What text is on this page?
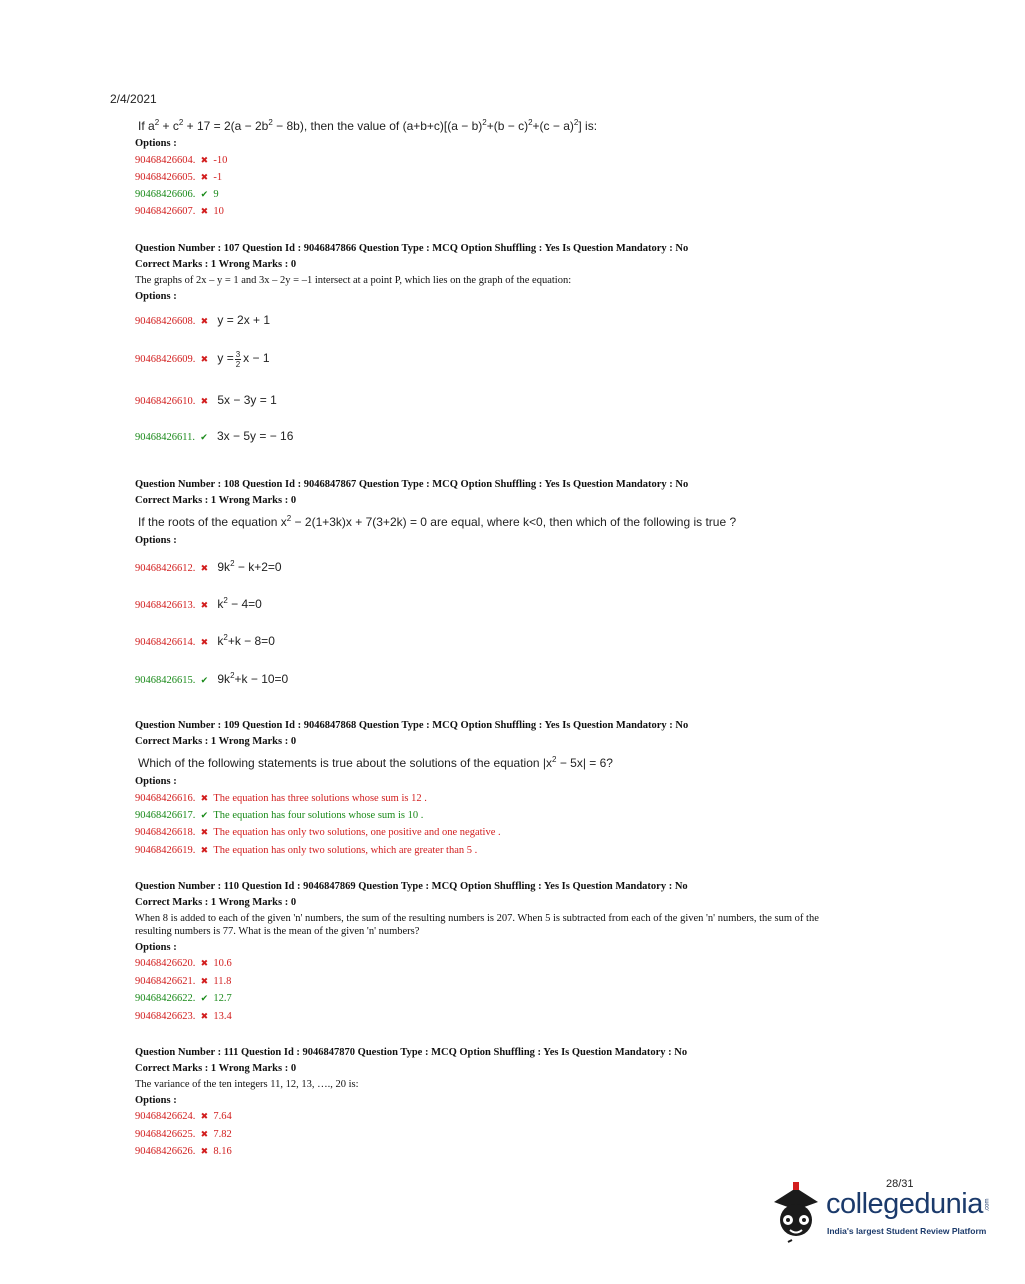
2/4/2021
If $a^2 + c^2 + 17 = 2(a - 2b^2 - 8b)$, then the value of $(a+b+c)[(a - b)^2+(b - c)^2+(c - a)^2]$ is:
Options :
90468426604. ✖ -10
90468426605. ✖ -1
90468426606. ✔ 9
90468426607. ✖ 10
Question Number : 107 Question Id : 9046847866 Question Type : MCQ Option Shuffling : Yes Is Question Mandatory : No
Correct Marks : 1 Wrong Marks : 0
The graphs of 2x – y = 1 and 3x – 2y = –1 intersect at a point P, which lies on the graph of the equation:
Options :
90468426608. ✖ y = 2x + 1
90468426609. ✖ $y = \frac{3}{2}$ x − 1
90468426610. ✖ 5x − 3y = 1
90468426611. ✔ 3x − 5y = − 16
Question Number : 108 Question Id : 9046847867 Question Type : MCQ Option Shuffling : Yes Is Question Mandatory : No
Correct Marks : 1 Wrong Marks : 0
If the roots of the equation $x^2 - 2(1+3k)x + 7(3+2k) = 0$ are equal, where k<0, then which of the following is true ?
Options :
90468426612. ✖ $9k^2 - k+2=0$
90468426613. ✖ $k^2 - 4=0$
90468426614. ✖ $k^2+k - 8=0$
90468426615. ✔ $9k^2+k - 10=0$
Question Number : 109 Question Id : 9046847868 Question Type : MCQ Option Shuffling : Yes Is Question Mandatory : No
Correct Marks : 1 Wrong Marks : 0
Which of the following statements is true about the solutions of the equation $|x^2 - 5x| = 6$?
Options :
90468426616. ✖ The equation has three solutions whose sum is 12 .
90468426617. ✔ The equation has four solutions whose sum is 10 .
90468426618. ✖ The equation has only two solutions, one positive and one negative .
90468426619. ✖ The equation has only two solutions, which are greater than 5 .
Question Number : 110 Question Id : 9046847869 Question Type : MCQ Option Shuffling : Yes Is Question Mandatory : No
Correct Marks : 1 Wrong Marks : 0
When 8 is added to each of the given 'n' numbers, the sum of the resulting numbers is 207. When 5 is subtracted from each of the given 'n' numbers, the sum of the
resulting numbers is 77. What is the mean of the given 'n' numbers?
Options :
90468426620. ✖ 10.6
90468426621. ✖ 11.8
90468426622. ✔ 12.7
90468426623. ✖ 13.4
Question Number : 111 Question Id : 9046847870 Question Type : MCQ Option Shuffling : Yes Is Question Mandatory : No
Correct Marks : 1 Wrong Marks : 0
The variance of the ten integers 11, 12, 13, …., 20 is:
Options :
90468426624. ✖ 7.64
90468426625. ✖ 7.82
90468426626. ✖ 8.16
28/31
collegedunia .com
India's largest Student Review Platform
